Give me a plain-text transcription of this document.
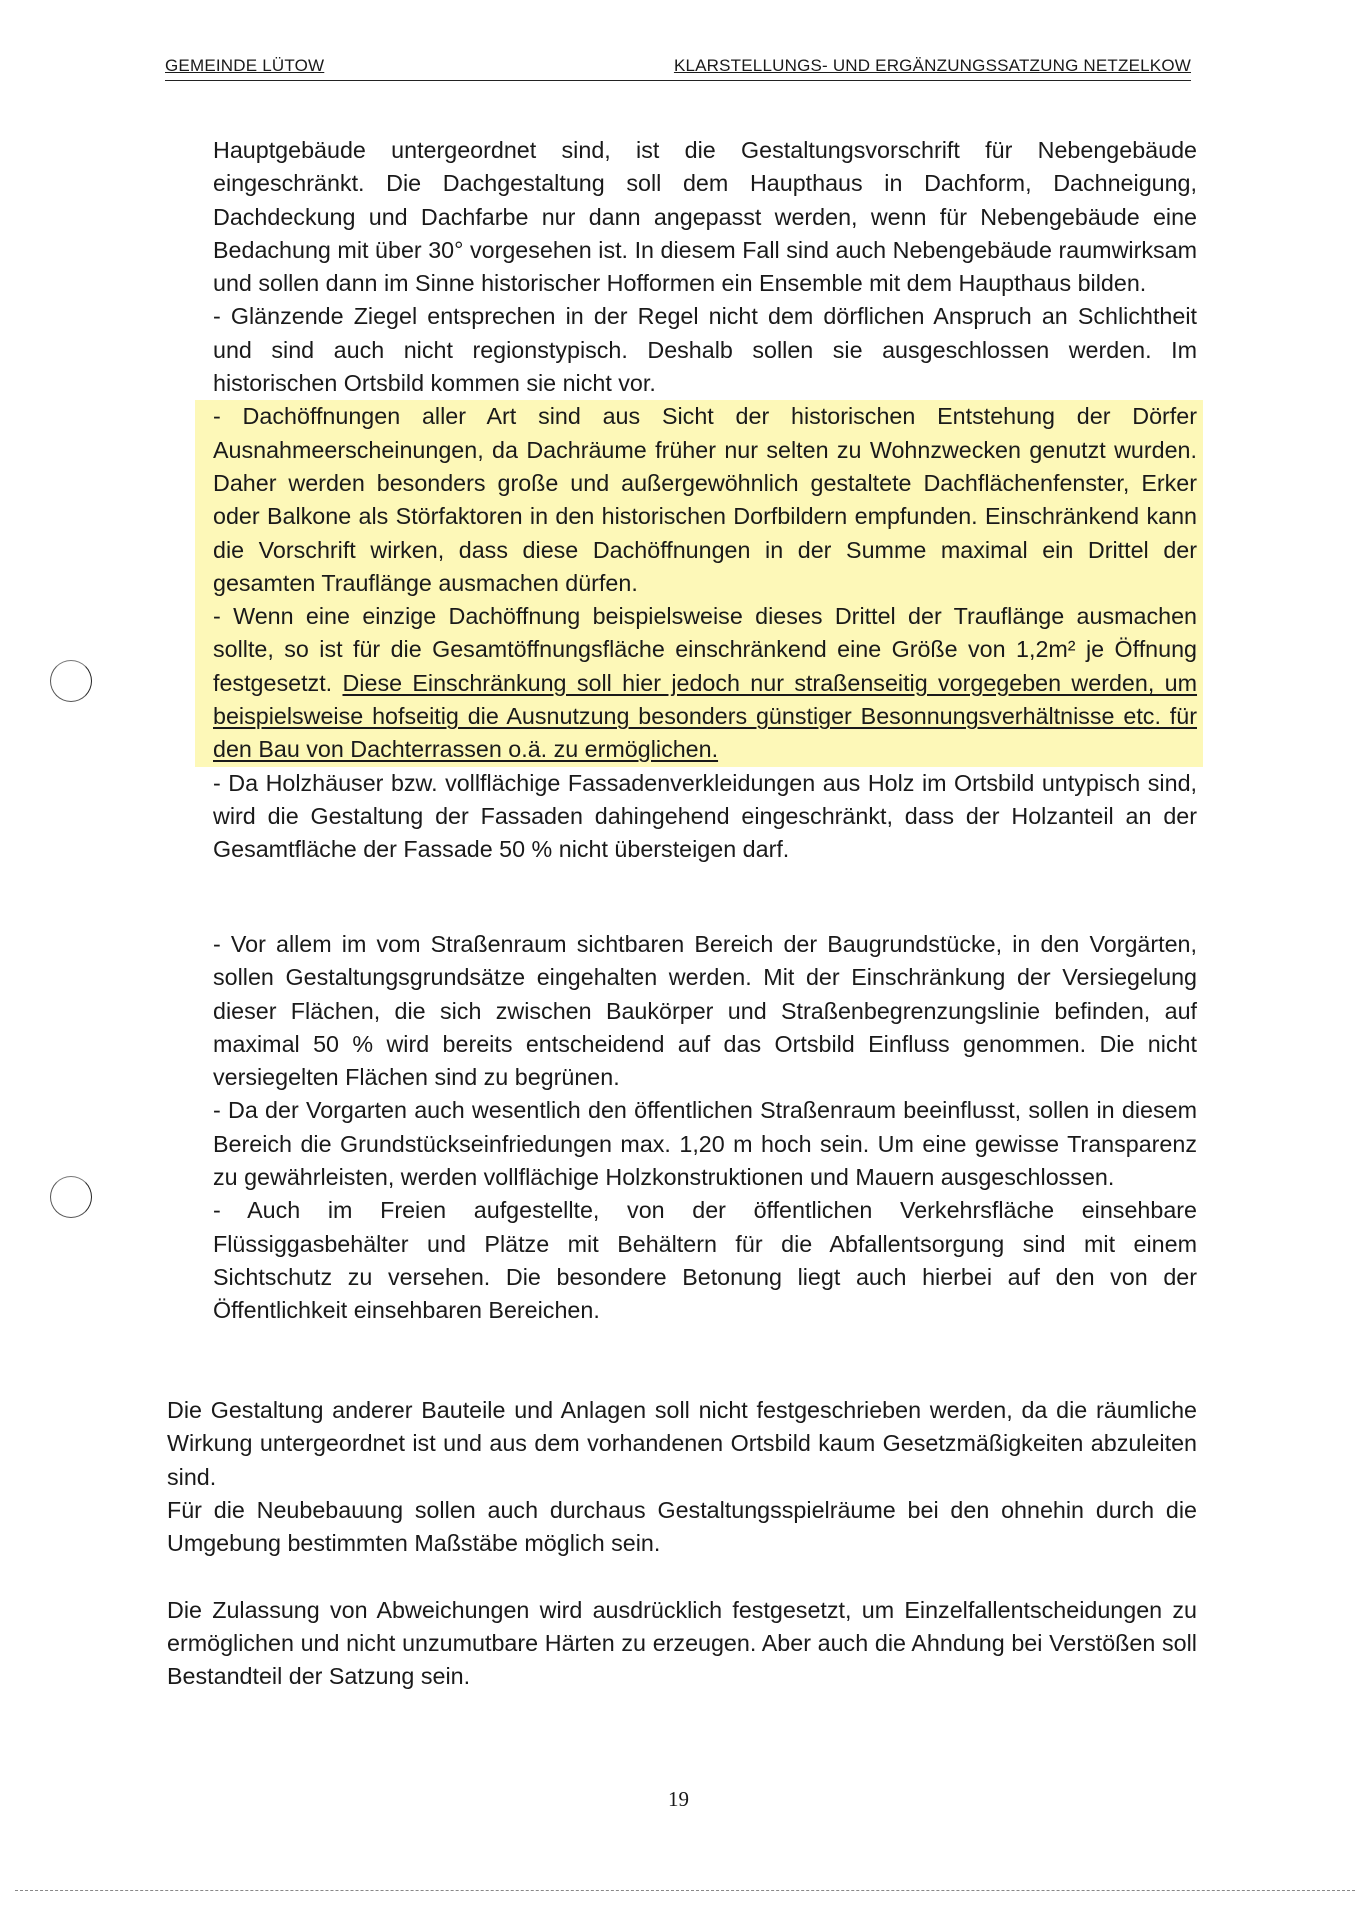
GEMEINDE LÜTOW	KLARSTELLUNGS- UND ERGÄNZUNGSSATZUNG NETZELKOW

Hauptgebäude untergeordnet sind, ist die Gestaltungsvorschrift für Nebengebäude eingeschränkt. Die Dachgestaltung soll dem Haupthaus in Dachform, Dachneigung, Dachdeckung und Dachfarbe nur dann angepasst werden, wenn für Nebengebäude eine Bedachung mit über 30° vorgesehen ist. In diesem Fall sind auch Nebengebäude raumwirksam und sollen dann im Sinne historischer Hofformen ein Ensemble mit dem Haupthaus bilden.

- Glänzende Ziegel entsprechen in der Regel nicht dem dörflichen Anspruch an Schlichtheit und sind auch nicht regionstypisch. Deshalb sollen sie ausgeschlossen werden. Im historischen Ortsbild kommen sie nicht vor.

- Dachöffnungen aller Art sind aus Sicht der historischen Entstehung der Dörfer Ausnahmeerscheinungen, da Dachräume früher nur selten zu Wohnzwecken genutzt wurden. Daher werden besonders große und außergewöhnlich gestaltete Dachflächenfenster, Erker oder Balkone als Störfaktoren in den historischen Dorfbildern empfunden. Einschränkend kann die Vorschrift wirken, dass diese Dachöffnungen in der Summe maximal ein Drittel der gesamten Trauflänge ausmachen dürfen.

- Wenn eine einzige Dachöffnung beispielsweise dieses Drittel der Trauflänge ausmachen sollte, so ist für die Gesamtöffnungsfläche einschränkend eine Größe von 1,2m² je Öffnung festgesetzt. Diese Einschränkung soll hier jedoch nur straßenseitig vorgegeben werden, um beispielsweise hofseitig die Ausnutzung besonders günstiger Besonnungsverhältnisse etc. für den Bau von Dachterrassen o.ä. zu ermöglichen.

- Da Holzhäuser bzw. vollflächige Fassadenverkleidungen aus Holz im Ortsbild untypisch sind, wird die Gestaltung der Fassaden dahingehend eingeschränkt, dass der Holzanteil an der Gesamtfläche der Fassade 50 % nicht übersteigen darf.

- Vor allem im vom Straßenraum sichtbaren Bereich der Baugrundstücke, in den Vorgärten, sollen Gestaltungsgrundsätze eingehalten werden. Mit der Einschränkung der Versiegelung dieser Flächen, die sich zwischen Baukörper und Straßenbegrenzungslinie befinden, auf maximal 50 % wird bereits entscheidend auf das Ortsbild Einfluss genommen. Die nicht versiegelten Flächen sind zu begrünen.

- Da der Vorgarten auch wesentlich den öffentlichen Straßenraum beeinflusst, sollen in diesem Bereich die Grundstückseinfriedungen max. 1,20 m hoch sein. Um eine gewisse Transparenz zu gewährleisten, werden vollflächige Holzkonstruktionen und Mauern ausgeschlossen.

- Auch im Freien aufgestellte, von der öffentlichen Verkehrsfläche einsehbare Flüssiggasbehälter und Plätze mit Behältern für die Abfallentsorgung sind mit einem Sichtschutz zu versehen. Die besondere Betonung liegt auch hierbei auf den von der Öffentlichkeit einsehbaren Bereichen.

Die Gestaltung anderer Bauteile und Anlagen soll nicht festgeschrieben werden, da die räumliche Wirkung untergeordnet ist und aus dem vorhandenen Ortsbild kaum Gesetzmäßigkeiten abzuleiten sind.

Für die Neubebauung sollen auch durchaus Gestaltungsspielräume bei den ohnehin durch die Umgebung bestimmten Maßstäbe möglich sein.

Die Zulassung von Abweichungen wird ausdrücklich festgesetzt, um Einzelfallentscheidungen zu ermöglichen und nicht unzumutbare Härten zu erzeugen. Aber auch die Ahndung bei Verstößen soll Bestandteil der Satzung sein.

19
